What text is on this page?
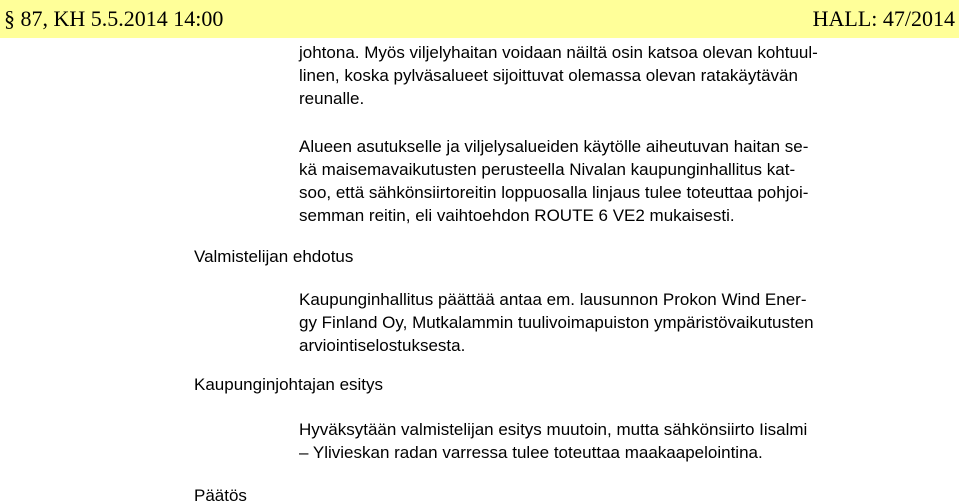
§ 87, KH 5.5.2014 14:00	HALL: 47/2014

johtona. Myös viljelyhaitan voidaan näiltä osin katsoa olevan kohtuul-
linen, koska pylväsalueet sijoittuvat olemassa olevan ratakäytävän
reunalle.

Alueen asutukselle ja viljelysalueiden käytölle aiheutuvan haitan se-
kä maisemavaikutusten perusteella Nivalan kaupunginhallitus kat-
soo, että sähkönsiirtoreitin loppuosalla linjaus tulee toteuttaa pohjoi-
semman reitin, eli vaihtoehdon ROUTE 6 VE2 mukaisesti.

Valmistelijan ehdotus

Kaupunginhallitus päättää antaa em. lausunnon Prokon Wind Ener-
gy Finland Oy, Mutkalammin tuulivoimapuiston ympäristövaikutusten
arviointiselostuksesta.

Kaupunginjohtajan esitys

Hyväksytään valmistelijan esitys muutoin, mutta sähkönsiirto Iisalmi
– Ylivieskan radan varressa tulee toteuttaa maakaapelointina.

Päätös
